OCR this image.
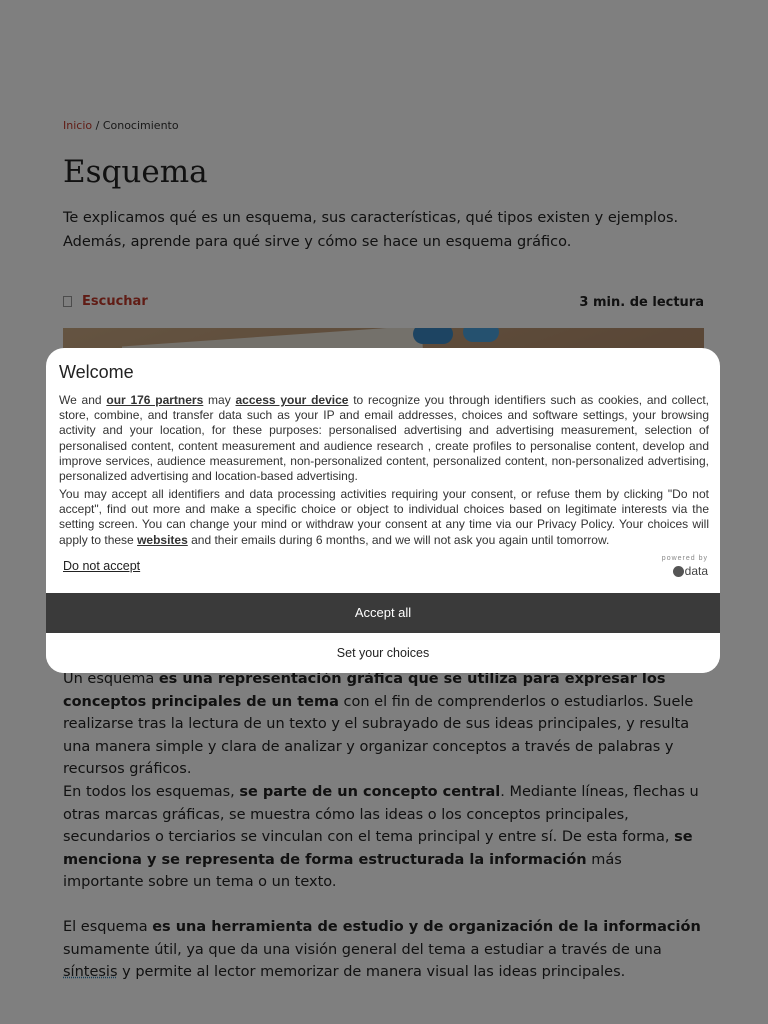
Welcome

We and our 176 partners may access your device to recognize you through identifiers such as cookies, and collect, store, combine, and transfer data such as your IP and email addresses, choices and software settings, your browsing activity and your location, for these purposes: personalised advertising and advertising measurement, selection of personalised content, content measurement and audience research , create profiles to personalise content, develop and improve services, audience measurement, non-personalized content, personalized content, non-personalized advertising, personalized advertising and location-based advertising.

You may accept all identifiers and data processing activities requiring your consent, or refuse them by clicking "Do not accept", find out more and make a specific choice or object to individual choices based on legitimate interests via the setting screen. You can change your mind or withdraw your consent at any time via our Privacy Policy. Your choices will apply to these websites and their emails during 6 months, and we will not ask you again until tomorrow.

Do not accept
powered by
data
Accept all
Set your choices
